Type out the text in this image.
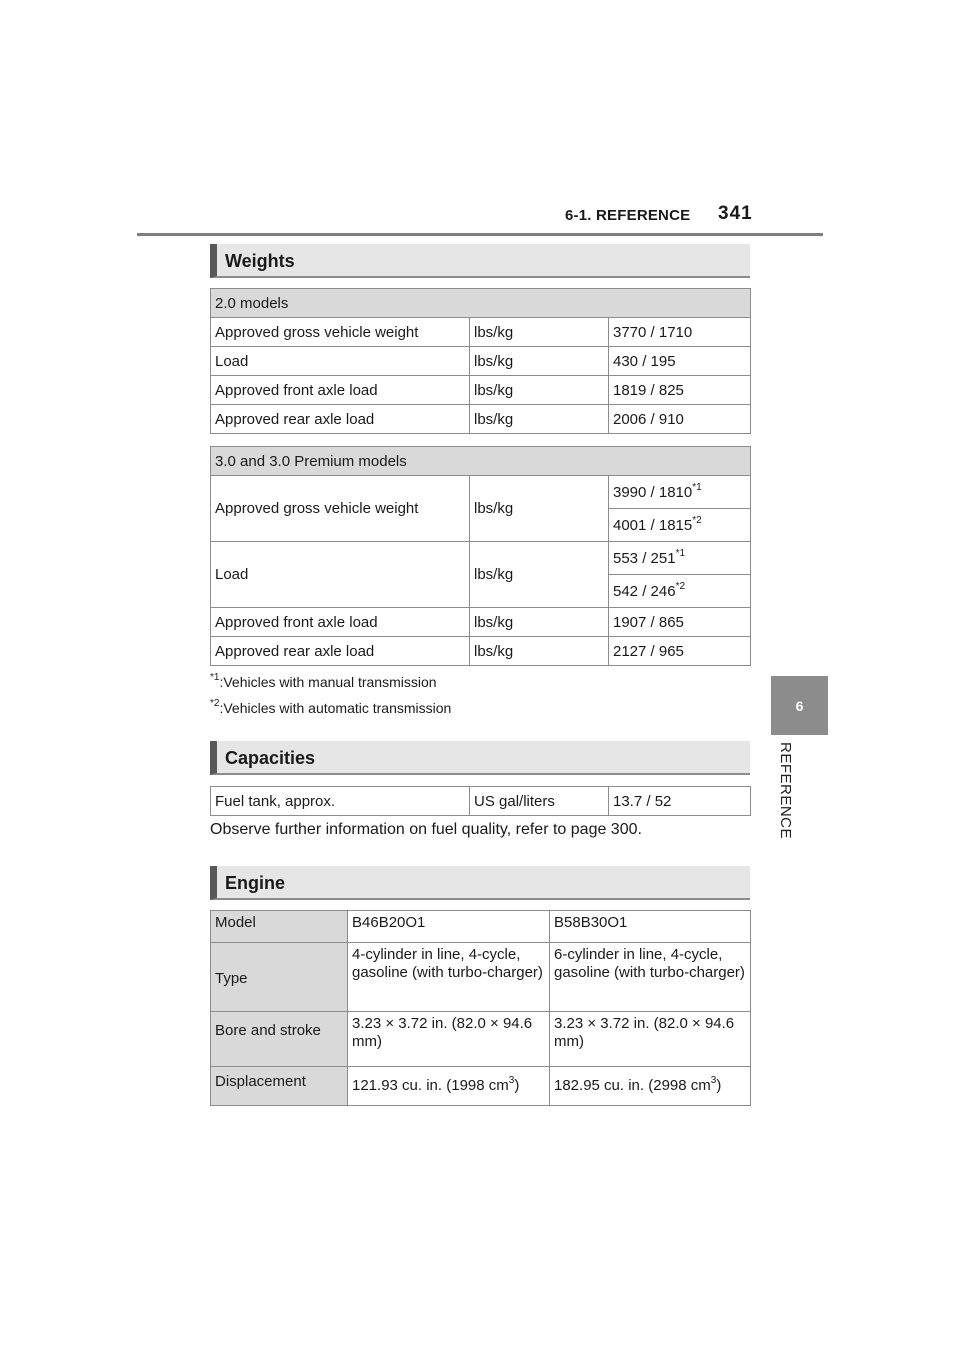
6-1. REFERENCE 341
6
REFERENCE
Weights
2.0 models		
Approved gross vehicle weight	lbs/kg	3770 / 1710
Load	lbs/kg	430 / 195
Approved front axle load	lbs/kg	1819 / 825
Approved rear axle load	lbs/kg	2006 / 910
3.0 and 3.0 Premium models		
Approved gross vehicle weight	lbs/kg	3990 / 1810$^{*1}$
		4001 / 1815$^{*2}$
Load	lbs/kg	553 / 251$^{*1}$
		542 / 246$^{*2}$
Approved front axle load	lbs/kg	1907 / 865
Approved rear axle load	lbs/kg	2127 / 965
$^{*1}$:Vehicles with manual transmission
$^{*2}$:Vehicles with automatic transmission
Capacities
Fuel tank, approx.	US gal/liters	13.7 / 52
Observe further information on fuel quality, refer to page 300.
Engine
Model	B46B20O1	B58B30O1
Type	4-cylinder in line, 4-cycle, gasoline (with turbo-charger)	6-cylinder in line, 4-cycle, gasoline (with turbo-charger)
Bore and stroke	3.23 × 3.72 in. (82.0 × 94.6 mm)	3.23 × 3.72 in. (82.0 × 94.6 mm)
Displacement	121.93 cu. in. (1998 $cm^3$)	182.95 cu. in. (2998 $cm^3$)
